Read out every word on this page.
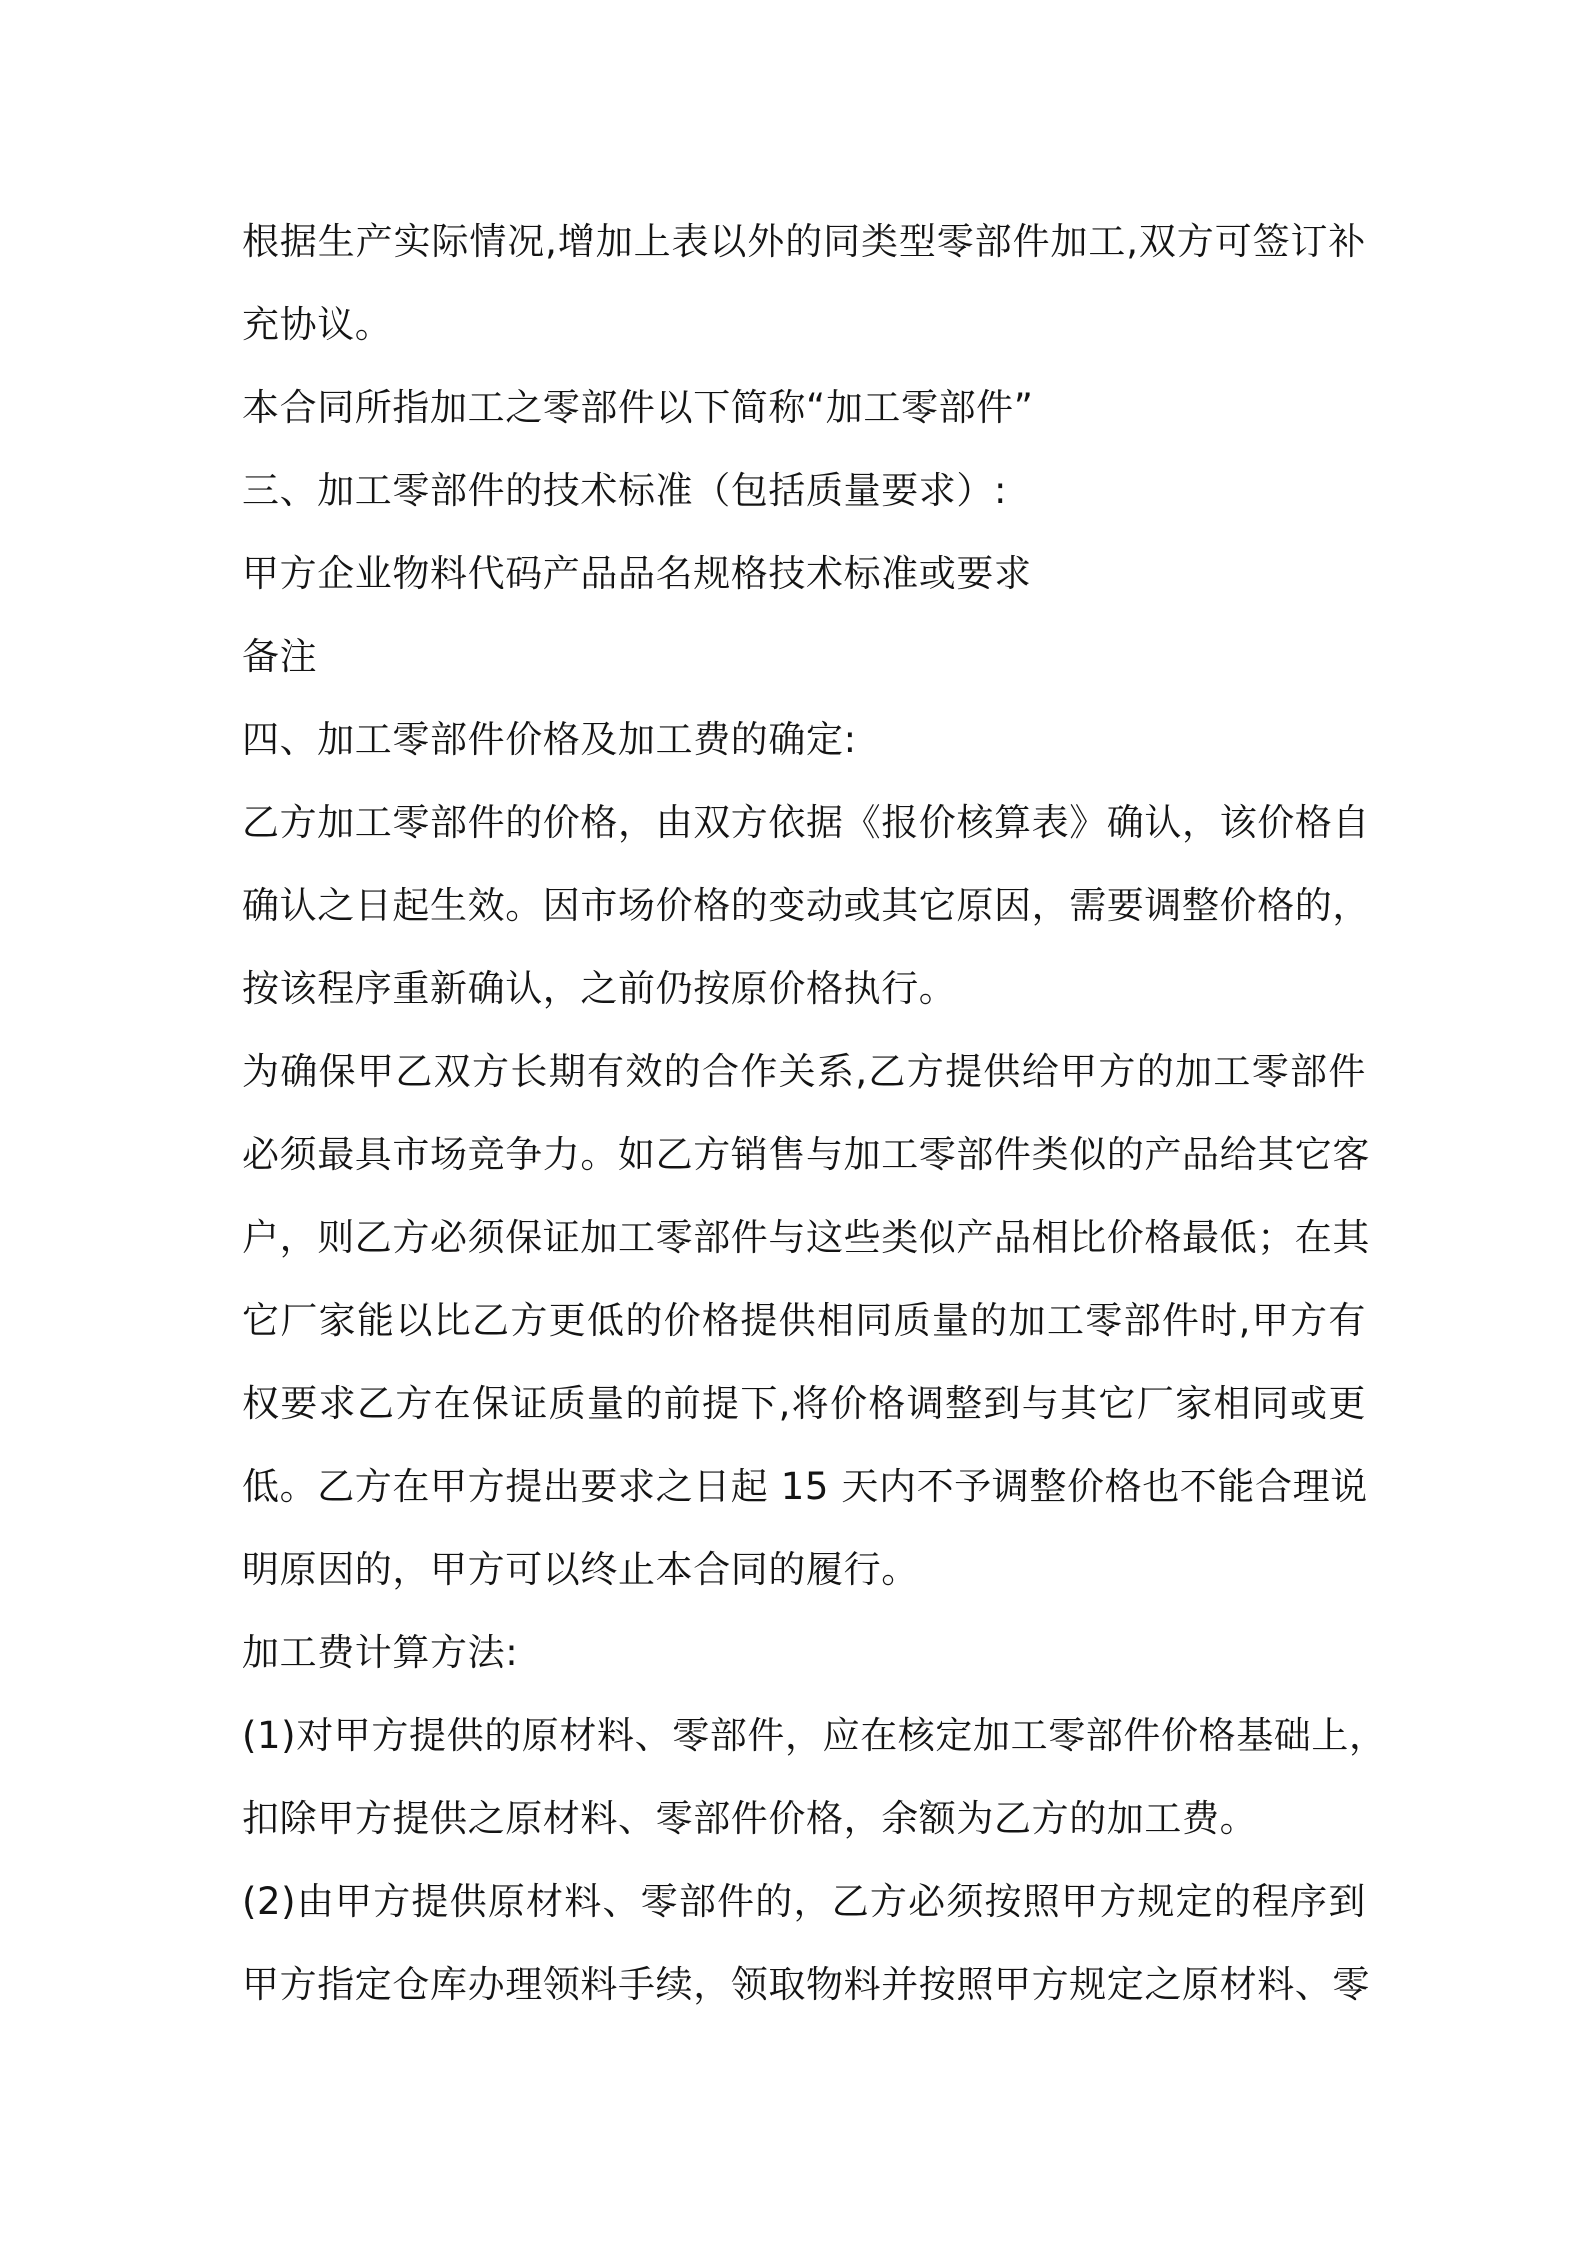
根据生产实际情况,增加上表以外的同类型零部件加工,双方可签订补
充协议。
本合同所指加工之零部件以下简称“加工零部件”
三、加工零部件的技术标准（包括质量要求）:
甲方企业物料代码产品品名规格技术标准或要求
备注
四、加工零部件价格及加工费的确定:
乙方加工零部件的价格，由双方依据《报价核算表》确认，该价格自
确认之日起生效。因市场价格的变动或其它原因，需要调整价格的，
按该程序重新确认，之前仍按原价格执行。
为确保甲乙双方长期有效的合作关系,乙方提供给甲方的加工零部件
必须最具市场竞争力。如乙方销售与加工零部件类似的产品给其它客
户，则乙方必须保证加工零部件与这些类似产品相比价格最低；在其
它厂家能以比乙方更低的价格提供相同质量的加工零部件时,甲方有
权要求乙方在保证质量的前提下,将价格调整到与其它厂家相同或更
低。乙方在甲方提出要求之日起 15 天内不予调整价格也不能合理说
明原因的，甲方可以终止本合同的履行。
加工费计算方法:
(1)对甲方提供的原材料、零部件，应在核定加工零部件价格基础上，
扣除甲方提供之原材料、零部件价格，余额为乙方的加工费。
(2)由甲方提供原材料、零部件的，乙方必须按照甲方规定的程序到
甲方指定仓库办理领料手续，领取物料并按照甲方规定之原材料、零
